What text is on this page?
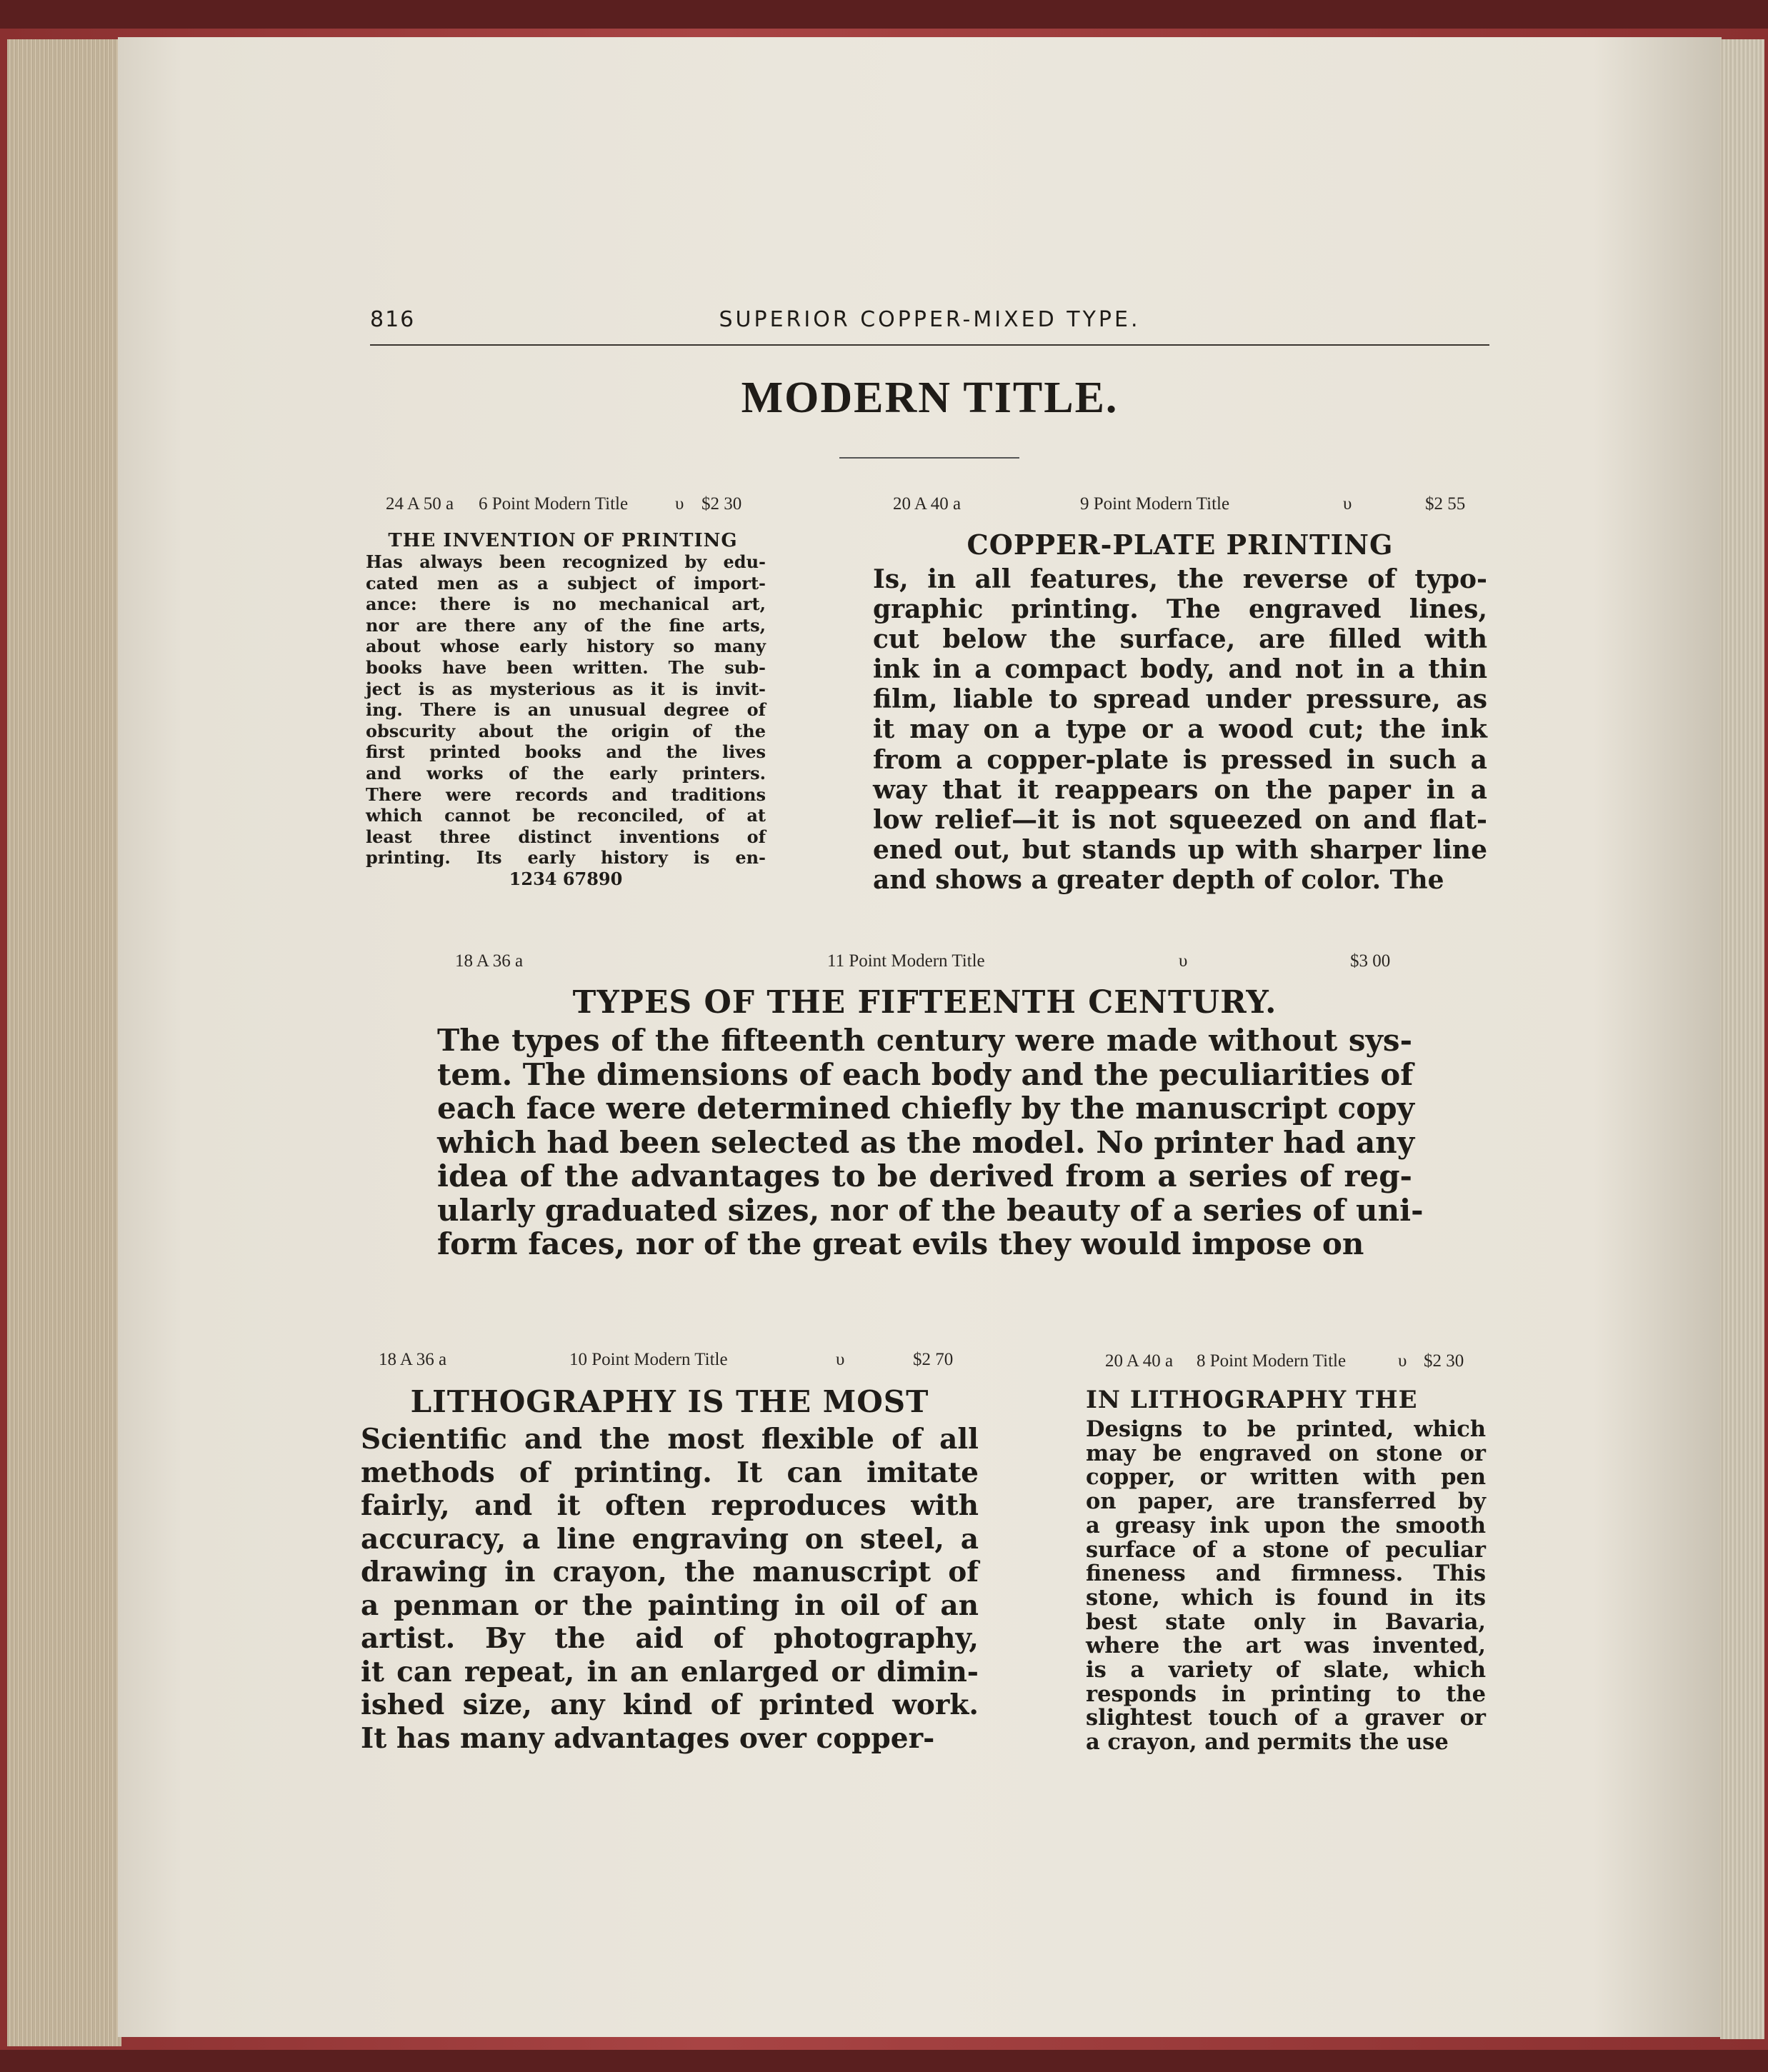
816	SUPERIOR COPPER-MIXED TYPE.
MODERN TITLE.
24 A 50 a 6 Point Modern Title	υ $2 30
THE INVENTION OF PRINTING
Has always been recognized by edu-
cated men as a subject of import-
ance: there is no mechanical art,
nor are there any of the fine arts,
about whose early history so many
books have been written. The sub-
ject is as mysterious as it is invit-
ing. There is an unusual degree of
obscurity about the origin of the
first printed books and the lives
and works of the early printers.
There were records and traditions
which cannot be reconciled, of at
least three distinct inventions of
printing. Its early history is en-
1234 67890
20 A 40 a	9 Point Modern Title	υ	$2 55
COPPER-PLATE PRINTING
Is, in all features, the reverse of typo-
graphic printing. The engraved lines,
cut below the surface, are filled with
ink in a compact body, and not in a thin
film, liable to spread under pressure, as
it may on a type or a wood cut; the ink
from a copper-plate is pressed in such a
way that it reappears on the paper in a
low relief—it is not squeezed on and flat-
ened out, but stands up with sharper line
and shows a greater depth of color. The
18 A 36 a	11 Point Modern Title	υ	$3 00
TYPES OF THE FIFTEENTH CENTURY.
The types of the fifteenth century were made without sys-
tem. The dimensions of each body and the peculiarities of
each face were determined chiefly by the manuscript copy
which had been selected as the model. No printer had any
idea of the advantages to be derived from a series of reg-
ularly graduated sizes, nor of the beauty of a series of uni-
form faces, nor of the great evils they would impose on
18 A 36 a	10 Point Modern Title	υ	$2 70
LITHOGRAPHY IS THE MOST
Scientific and the most flexible of all
methods of printing. It can imitate
fairly, and it often reproduces with
accuracy, a line engraving on steel, a
drawing in crayon, the manuscript of
a penman or the painting in oil of an
artist. By the aid of photography,
it can repeat, in an enlarged or dimin-
ished size, any kind of printed work.
It has many advantages over copper-
20 A 40 a 8 Point Modern Title	υ $2 30
IN LITHOGRAPHY THE
Designs to be printed, which
may be engraved on stone or
copper, or written with pen
on paper, are transferred by
a greasy ink upon the smooth
surface of a stone of peculiar
fineness and firmness. This
stone, which is found in its
best state only in Bavaria,
where the art was invented,
is a variety of slate, which
responds in printing to the
slightest touch of a graver or
a crayon, and permits the use
